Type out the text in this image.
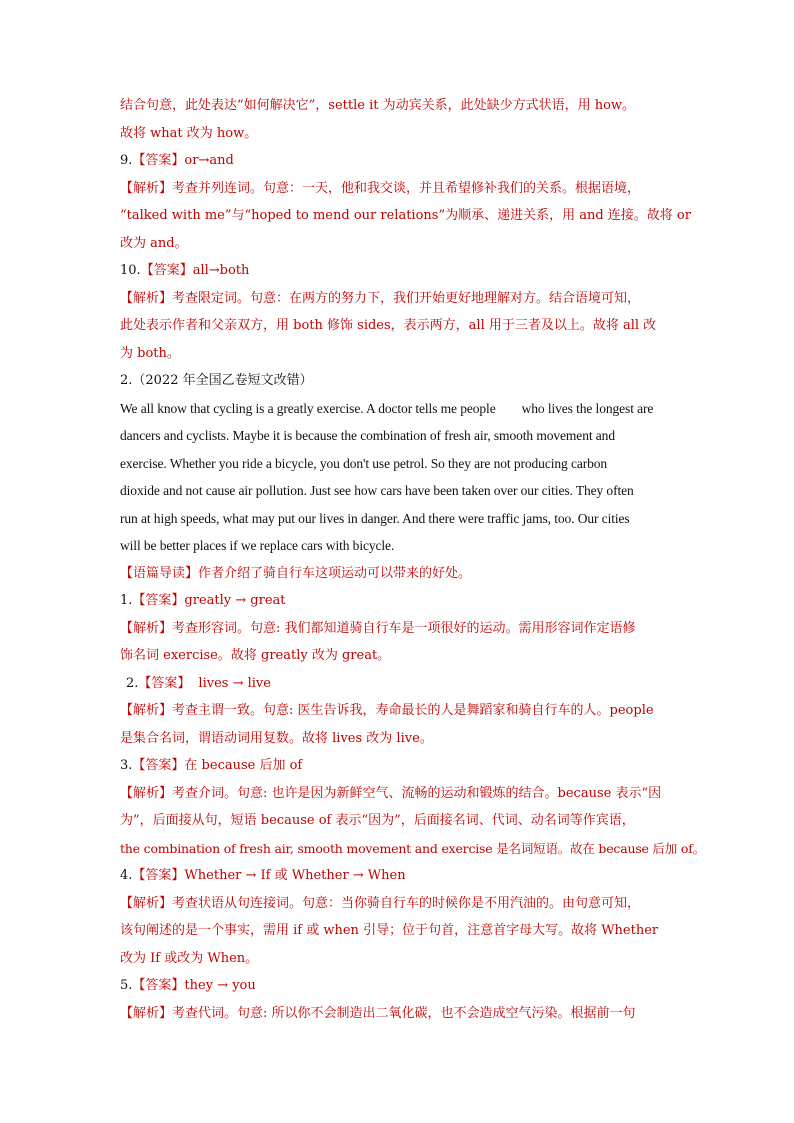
结合句意，此处表达“如何解决它”，settle it 为动宾关系，此处缺少方式状语，用 how。
故将 what 改为 how。
9.【答案】or→and
【解析】考查并列连词。句意：一天，他和我交谈，并且希望修补我们的关系。根据语境，
“talked with me”与“hoped to mend our relations”为顺承、递进关系，用 and 连接。故将 or
改为 and。
10.【答案】all→both
【解析】考查限定词。句意：在两方的努力下，我们开始更好地理解对方。结合语境可知，
此处表示作者和父亲双方，用 both 修饰 sides，表示两方，all 用于三者及以上。故将 all 改
为 both。
2.（2022 年全国乙卷短文改错）
We all know that cycling is a greatly exercise. A doctor tells me people who lives the longest are
dancers and cyclists. Maybe it is because the combination of fresh air, smooth movement and
exercise. Whether you ride a bicycle, you don't use petrol. So they are not producing carbon
dioxide and not cause air pollution. Just see how cars have been taken over our cities. They often
run at high speeds, what may put our lives in danger. And there were traffic jams, too. Our cities
will be better places if we replace cars with bicycle.
【语篇导读】作者介绍了骑自行车这项运动可以带来的好处。
1.【答案】greatly → great
【解析】考查形容词。句意: 我们都知道骑自行车是一项很好的运动。需用形容词作定语修
饰名词 exercise。故将 greatly 改为 great。
2.【答案】 lives → live
【解析】考查主谓一致。句意: 医生告诉我，寿命最长的人是舞蹈家和骑自行车的人。people
是集合名词，谓语动词用复数。故将 lives 改为 live。
3.【答案】在 because 后加 of
【解析】考查介词。句意: 也许是因为新鲜空气、流畅的运动和锻炼的结合。because 表示“因
为”，后面接从句，短语 because of 表示“因为”，后面接名词、代词、动名词等作宾语，
the combination of fresh air, smooth movement and exercise 是名词短语。故在 because 后加 of。
4.【答案】Whether → If 或 Whether → When
【解析】考查状语从句连接词。句意：当你骑自行车的时候你是不用汽油的。由句意可知，
该句阐述的是一个事实，需用 if 或 when 引导；位于句首，注意首字母大写。故将 Whether
改为 If 或改为 When。
5.【答案】they → you
【解析】考查代词。句意: 所以你不会制造出二氧化碳，也不会造成空气污染。根据前一句
